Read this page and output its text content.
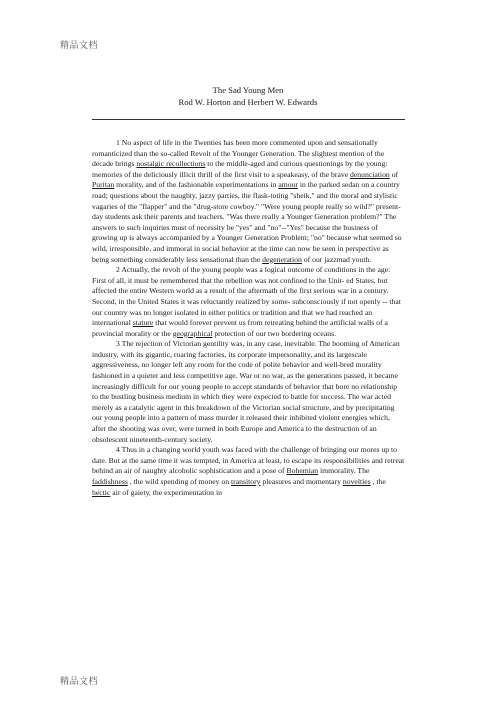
精品文档
The Sad Young Men
Rod W. Horton and Herbert W. Edwards

1 No aspect of life in the Twenties has been more commented upon and sensationally romanticized than the so-called Revolt of the Younger Generation. The slightest mention of the decade brings nostalgic recollections to the middle-aged and curious questionings by the young: memories of the deliciously illicit thrill of the first visit to a speakeasy, of the brave denunciation of Puritan morality, and of the fashionable experimentations in amour in the parked sedan on a country road; questions about the naughty, jazzy parties, the flask-toting "sheik," and the moral and stylistic vagaries of the "flapper" and the "drug-store cowboy." "Were young people really so wild?" present-day students ask their parents and teachers. "Was there really a Younger Generation problem?" The answers to such inquiries must of necessity be "yes" and "no"--"Yes" because the business of growing up is always accompanied by a Younger Generation Problem; "no" because what seemed so wild, irresponsible, and immoral in social behavior at the time can now be seen in perspective as being something considerably less sensational than the degeneration of our jazzmad youth.

2 Actually, the revolt of the young people was a logical outcome of conditions in the age: First of all, it must be remembered that the rebellion was not confined to the Unit- ed States, but affected the entire Western world as a result of the aftermath of the first serious war in a century. Second, in the United States it was reluctantly realized by some- subconsciously if not openly -- that our country was no longer isolated in either politics or tradition and that we had reached an international stature that would forever prevent us from retreating behind the artificial walls of a provincial morality or the geographical protection of our two bordering oceans.

3 The rejection of Victorian gentility was, in any case, inevitable. The booming of American industry, with its gigantic, roaring factories, its corporate impersonality, and its largescale aggressiveness, no longer left any room for the code of polite behavior and well-bred morality fashioned in a quieter and less competitive age. War or no war, as the generations passed, it became increasingly difficult for our young people to accept standards of behavior that bore no relationship to the bustling business medium in which they were expected to battle for success. The war acted merely as a catalytic agent in this breakdown of the Victorian social structure, and by precipitating our young people into a pattern of mass murder it released their inhibited violent energies which, after the shooting was over, were turned in both Europe and America to the destruction of an obsolescent nineteenth-century society.

4 Thus in a changing world youth was faced with the challenge of bringing our mores up to date. But at the same time it was tempted, in America at least, to escape its responsibilities and retreat behind an air of naughty alcoholic sophistication and a pose of Bohemian immorality. The faddishness , the wild spending of money on transitory pleasures and momentary novelties , the hectic air of gaiety, the experimentation in

精品文档
